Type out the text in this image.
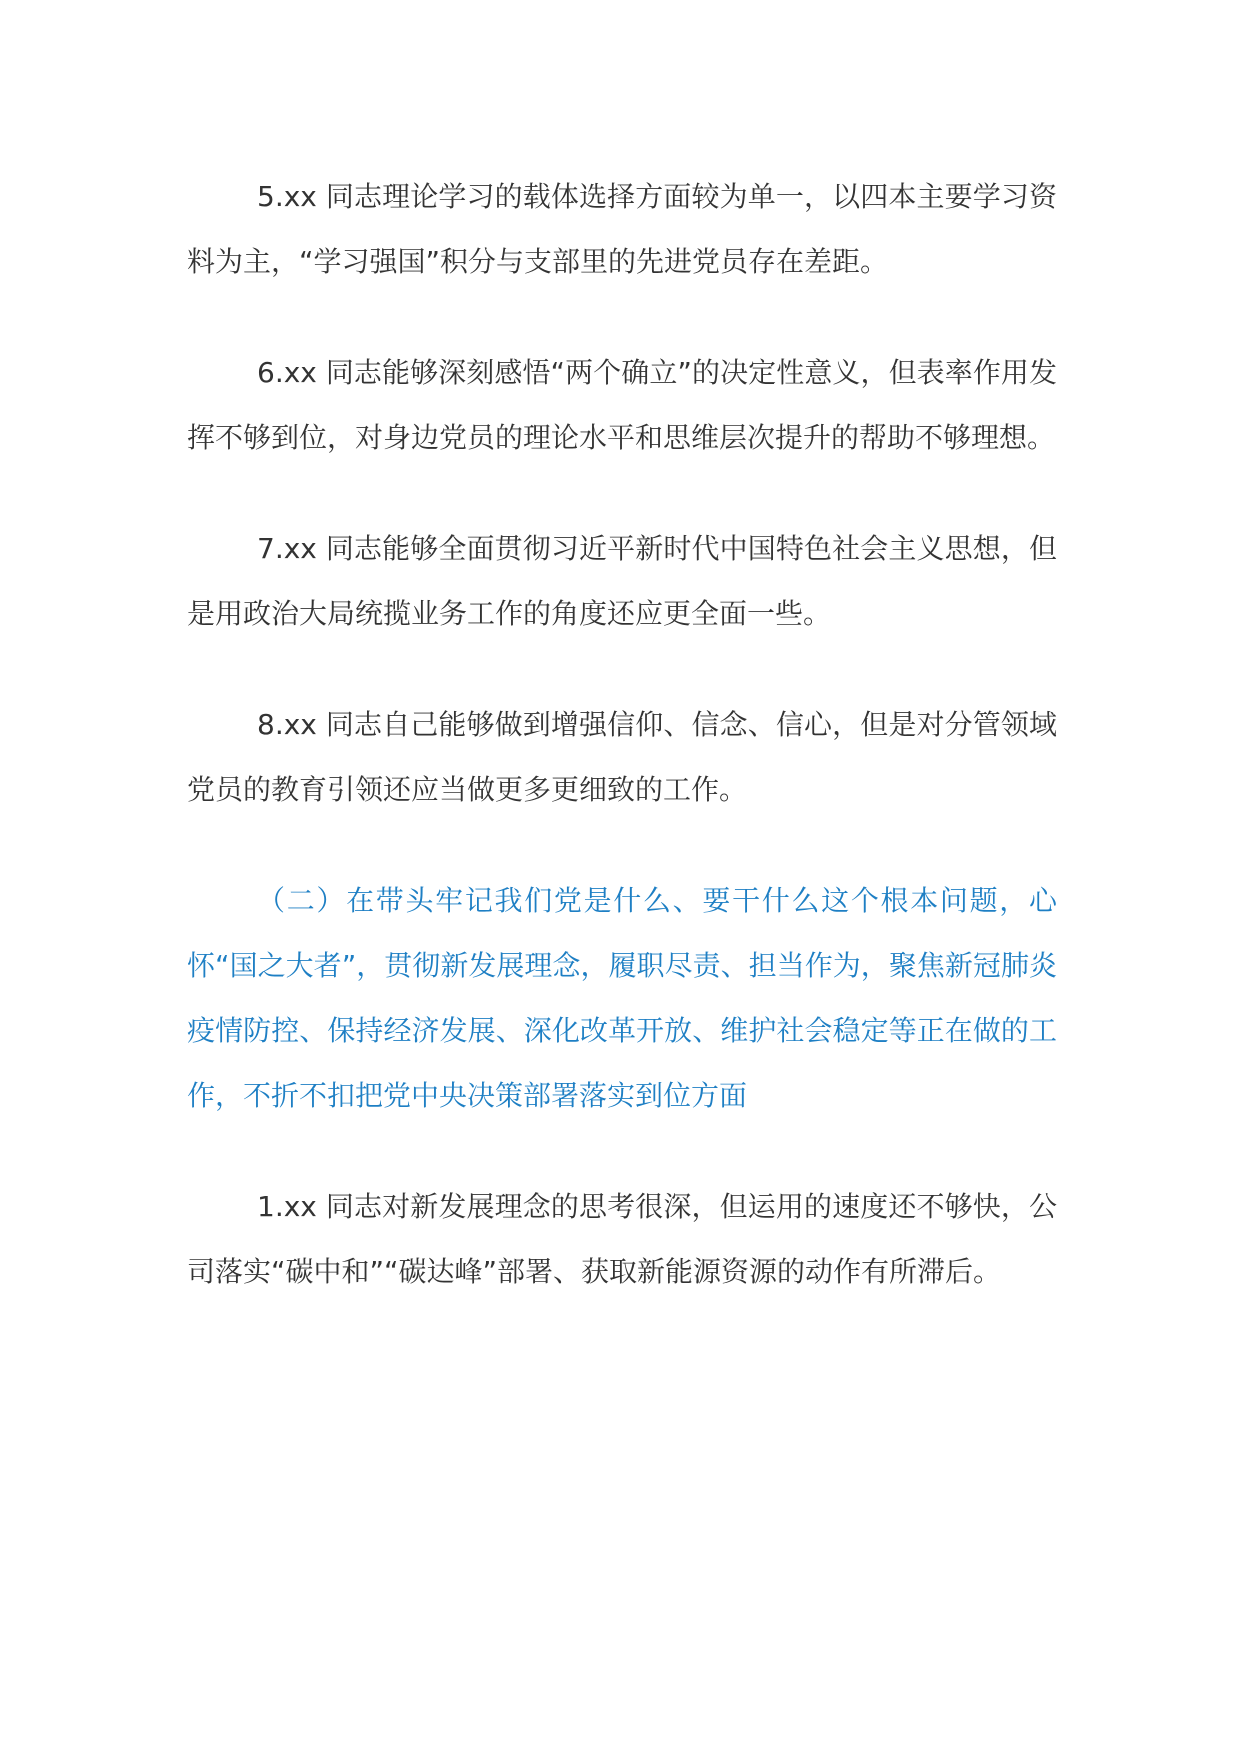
5.xx 同志理论学习的载体选择方面较为单一，以四本主要学习资料为主，“学习强国”积分与支部里的先进党员存在差距。

6.xx 同志能够深刻感悟“两个确立”的决定性意义，但表率作用发挥不够到位，对身边党员的理论水平和思维层次提升的帮助不够理想。

7.xx 同志能够全面贯彻习近平新时代中国特色社会主义思想，但是用政治大局统揽业务工作的角度还应更全面一些。

8.xx 同志自己能够做到增强信仰、信念、信心，但是对分管领域党员的教育引领还应当做更多更细致的工作。

（二）在带头牢记我们党是什么、要干什么这个根本问题，心怀“国之大者”，贯彻新发展理念，履职尽责、担当作为，聚焦新冠肺炎疫情防控、保持经济发展、深化改革开放、维护社会稳定等正在做的工作，不折不扣把党中央决策部署落实到位方面

1.xx 同志对新发展理念的思考很深，但运用的速度还不够快，公司落实“碳中和”“碳达峰”部署、获取新能源资源的动作有所滞后。
